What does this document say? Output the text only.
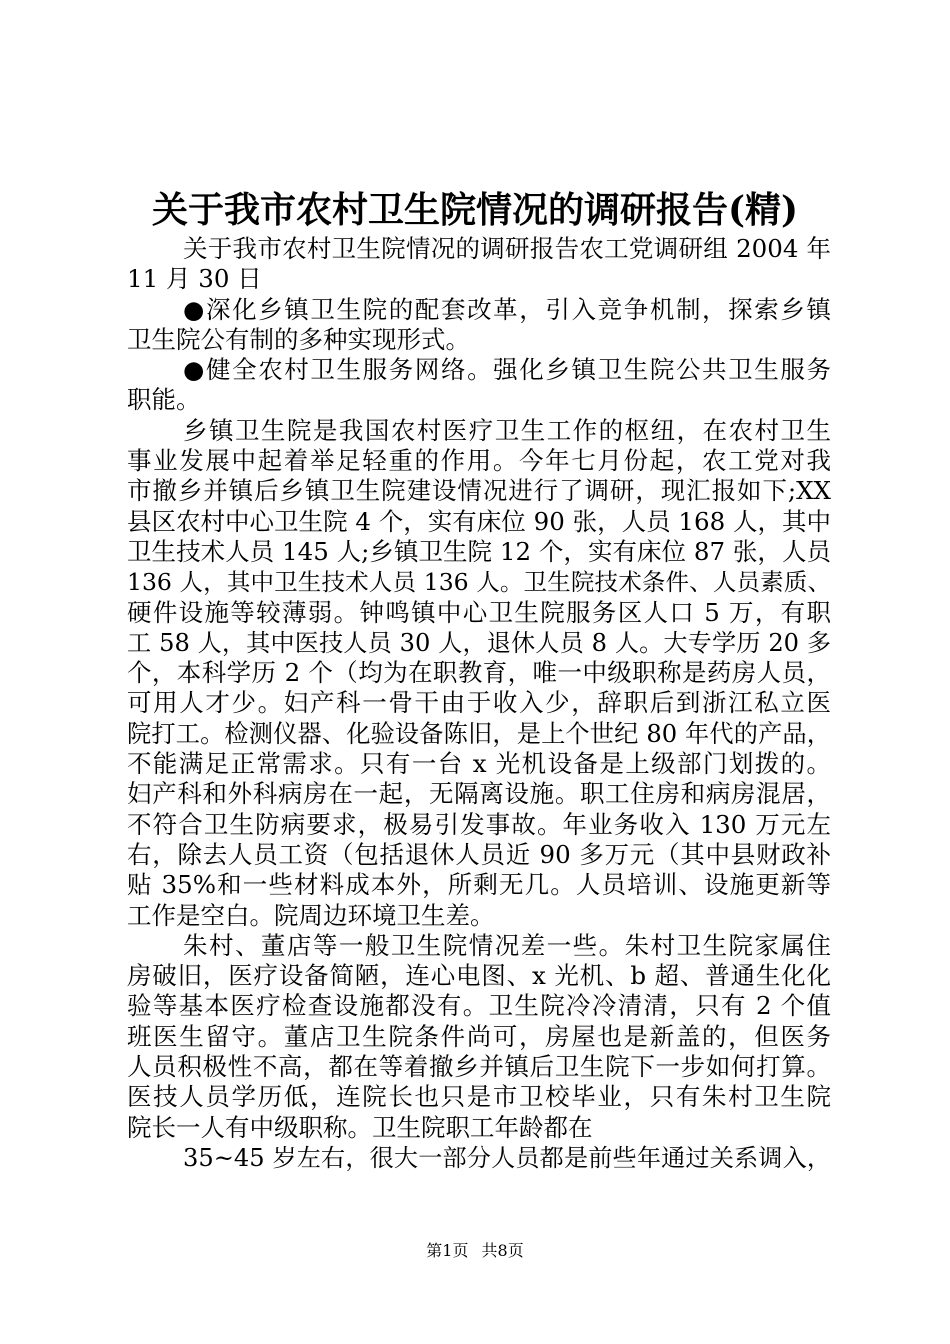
关于我市农村卫生院情况的调研报告(精)
关于我市农村卫生院情况的调研报告农工党调研组 2004 年
11 月 30 日
●深化乡镇卫生院的配套改革，引入竞争机制，探索乡镇
卫生院公有制的多种实现形式。
●健全农村卫生服务网络。强化乡镇卫生院公共卫生服务
职能。
乡镇卫生院是我国农村医疗卫生工作的枢纽，在农村卫生
事业发展中起着举足轻重的作用。今年七月份起，农工党对我
市撤乡并镇后乡镇卫生院建设情况进行了调研，现汇报如下;XX
县区农村中心卫生院 4 个，实有床位 90 张，人员 168 人，其中
卫生技术人员 145 人;乡镇卫生院 12 个，实有床位 87 张，人员
136 人，其中卫生技术人员 136 人。卫生院技术条件、人员素质、
硬件设施等较薄弱。钟鸣镇中心卫生院服务区人口 5 万，有职
工 58 人，其中医技人员 30 人，退休人员 8 人。大专学历 20 多
个，本科学历 2 个（均为在职教育，唯一中级职称是药房人员，
可用人才少。妇产科一骨干由于收入少，辞职后到浙江私立医
院打工。检测仪器、化验设备陈旧，是上个世纪 80 年代的产品，
不能满足正常需求。只有一台 x 光机设备是上级部门划拨的。
妇产科和外科病房在一起，无隔离设施。职工住房和病房混居，
不符合卫生防病要求，极易引发事故。年业务收入 130 万元左
右，除去人员工资（包括退休人员近 90 多万元（其中县财政补
贴 35%和一些材料成本外，所剩无几。人员培训、设施更新等
工作是空白。院周边环境卫生差。
朱村、董店等一般卫生院情况差一些。朱村卫生院家属住
房破旧，医疗设备简陋，连心电图、x 光机、b 超、普通生化化
验等基本医疗检查设施都没有。卫生院冷冷清清，只有 2 个值
班医生留守。董店卫生院条件尚可，房屋也是新盖的，但医务
人员积极性不高，都在等着撤乡并镇后卫生院下一步如何打算。
医技人员学历低，连院长也只是市卫校毕业，只有朱村卫生院
院长一人有中级职称。卫生院职工年龄都在
35~45 岁左右，很大一部分人员都是前些年通过关系调入，
第1页 共8页
